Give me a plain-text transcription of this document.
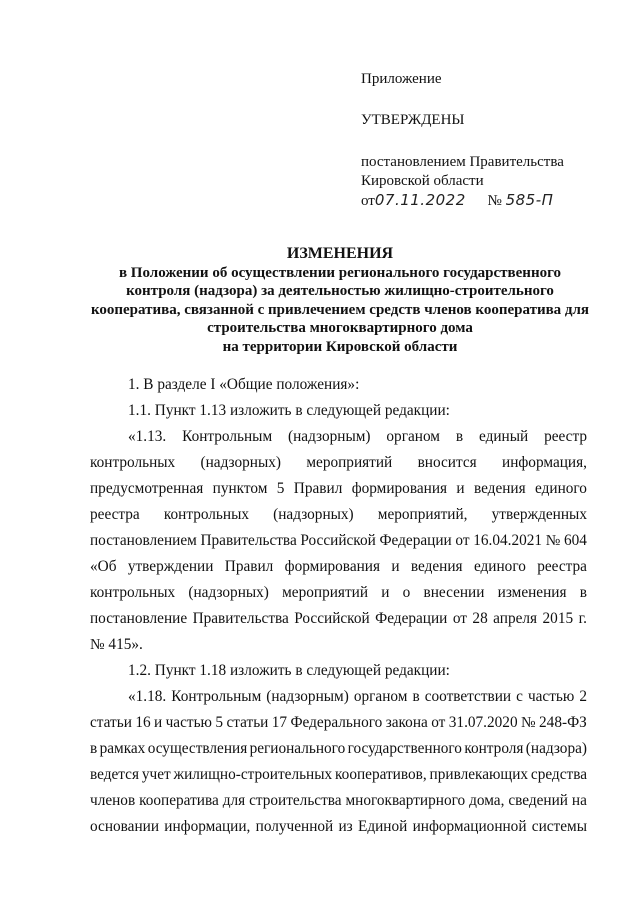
Приложение
УТВЕРЖДЕНЫ
постановлением Правительства
Кировской области
от07.11.2022 № 585-П
ИЗМЕНЕНИЯ
в Положении об осуществлении регионального государственного
контроля (надзора) за деятельностью жилищно-строительного
кооператива, связанной с привлечением средств членов кооператива для
строительства многоквартирного дома
на территории Кировской области

1. В разделе I «Общие положения»:

1.1. Пункт 1.13 изложить в следующей редакции:

«1.13. Контрольным (надзорным) органом в единый реестр
контрольных (надзорных) мероприятий вносится информация,
предусмотренная пунктом 5 Правил формирования и ведения единого
реестра контрольных (надзорных) мероприятий, утвержденных
постановлением Правительства Российской Федерации от 16.04.2021 № 604
«Об утверждении Правил формирования и ведения единого реестра
контрольных (надзорных) мероприятий и о внесении изменения в
постановление Правительства Российской Федерации от 28 апреля 2015 г.
№ 415».

1.2. Пункт 1.18 изложить в следующей редакции:

«1.18. Контрольным (надзорным) органом в соответствии с частью 2
статьи 16 и частью 5 статьи 17 Федерального закона от 31.07.2020 № 248-ФЗ
в рамках осуществления регионального государственного контроля (надзора)
ведется учет жилищно-строительных кооперативов, привлекающих средства
членов кооператива для строительства многоквартирного дома, сведений на
основании информации, полученной из Единой информационной системы
